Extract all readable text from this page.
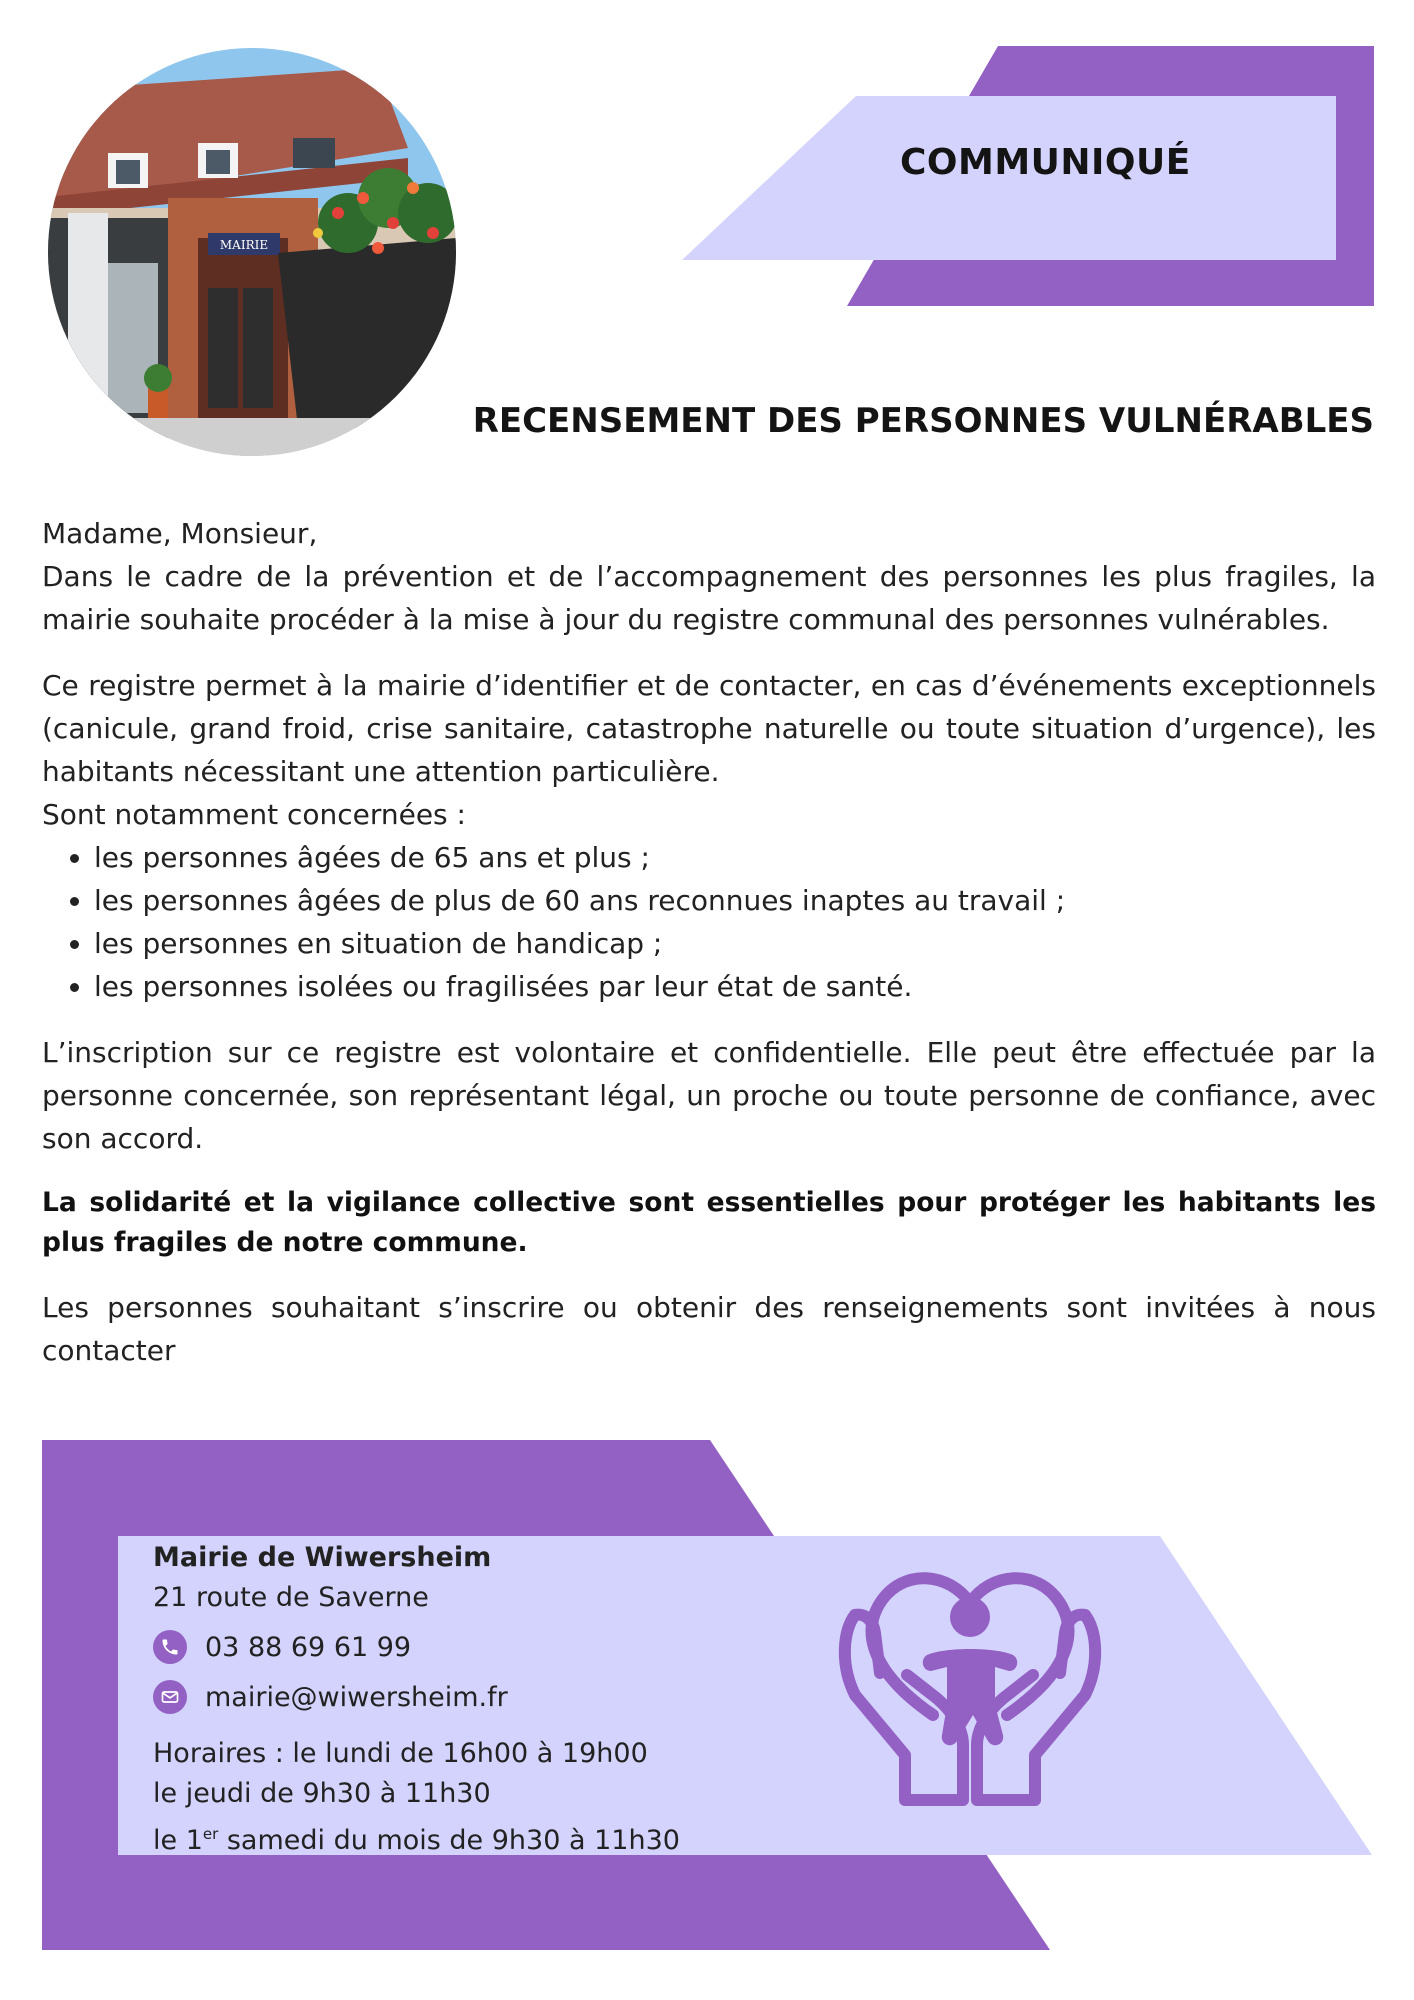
MAIRIE
COMMUNIQUÉ
RECENSEMENT DES PERSONNES VULNÉRABLES

Madame, Monsieur,

Dans le cadre de la prévention et de l’accompagnement des personnes les plus fragiles, la mairie souhaite procéder à la mise à jour du registre communal des personnes vulnérables.

Ce registre permet à la mairie d’identifier et de contacter, en cas d’événements exceptionnels (canicule, grand froid, crise sanitaire, catastrophe naturelle ou toute situation d’urgence), les habitants nécessitant une attention particulière.

Sont notamment concernées :

• les personnes âgées de 65 ans et plus ;
• les personnes âgées de plus de 60 ans reconnues inaptes au travail ;
• les personnes en situation de handicap ;
• les personnes isolées ou fragilisées par leur état de santé.

L’inscription sur ce registre est volontaire et confidentielle. Elle peut être effectuée par la personne concernée, son représentant légal, un proche ou toute personne de confiance, avec son accord.

La solidarité et la vigilance collective sont essentielles pour protéger les habitants les plus fragiles de notre commune.

Les personnes souhaitant s’inscrire ou obtenir des renseignements sont invitées à nous contacter

Mairie de Wiwersheim
21 route de Saverne
03 88 69 61 99
mairie@wiwersheim.fr
Horaires : le lundi de 16h00 à 19h00
le jeudi de 9h30 à 11h30
le 1er samedi du mois de 9h30 à 11h30
